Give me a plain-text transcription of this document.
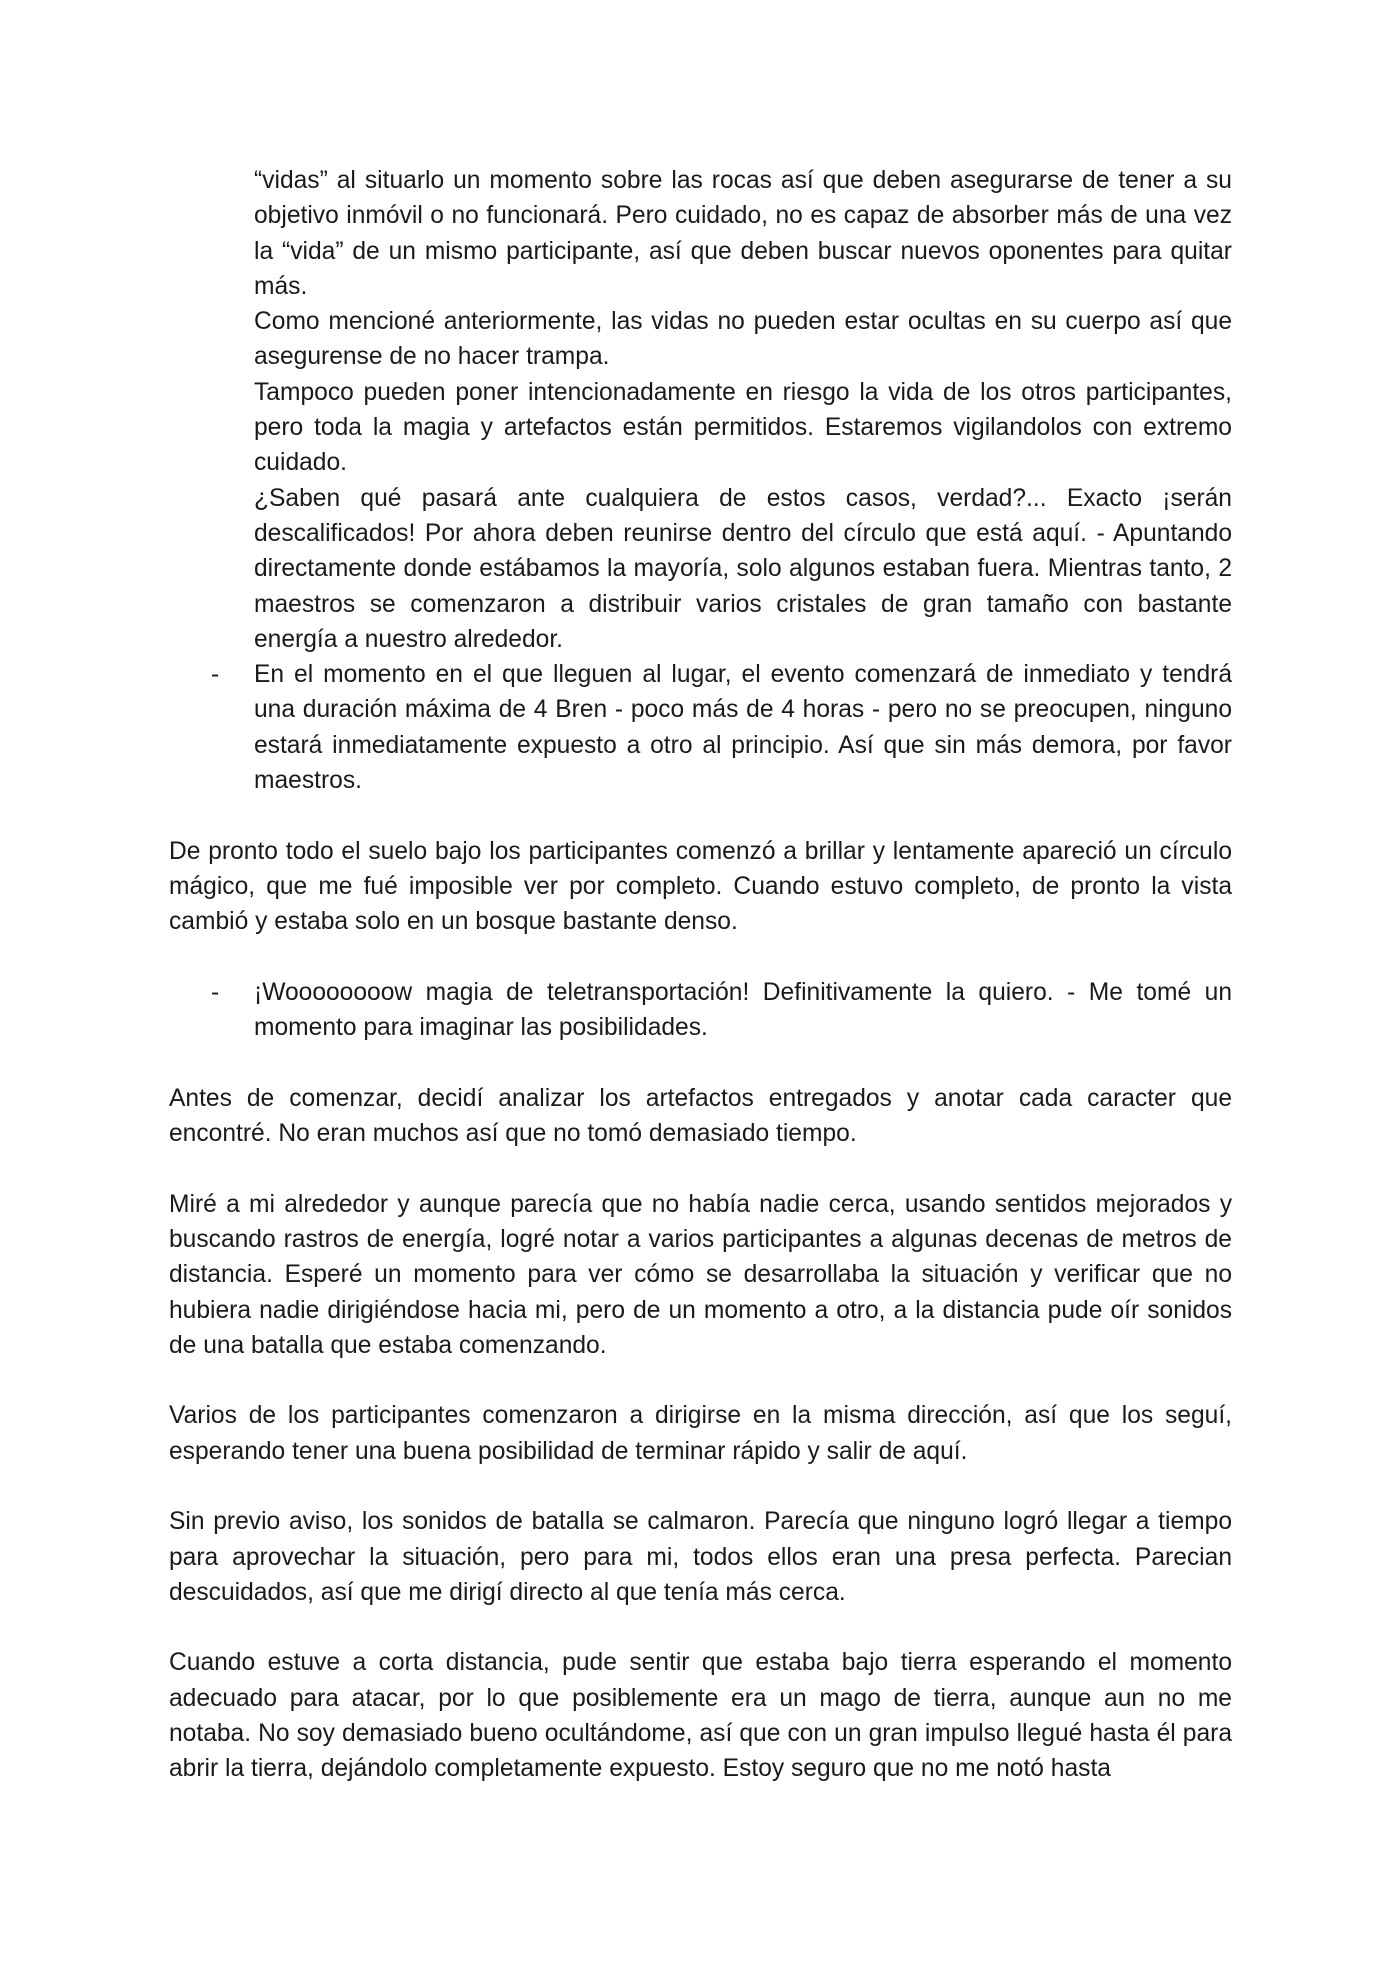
“vidas” al situarlo un momento sobre las rocas así que deben asegurarse de tener a su objetivo inmóvil o no funcionará. Pero cuidado, no es capaz de absorber más de una vez la “vida” de un mismo participante, así que deben buscar nuevos oponentes para quitar más.

Como mencioné anteriormente, las vidas no pueden estar ocultas en su cuerpo así que asegurense de no hacer trampa.

Tampoco pueden poner intencionadamente en riesgo la vida de los otros participantes, pero toda la magia y artefactos están permitidos. Estaremos vigilandolos con extremo cuidado.

¿Saben qué pasará ante cualquiera de estos casos, verdad?... Exacto ¡serán descalificados! Por ahora deben reunirse dentro del círculo que está aquí. - Apuntando directamente donde estábamos la mayoría, solo algunos estaban fuera. Mientras tanto, 2 maestros se comenzaron a distribuir varios cristales de gran tamaño con bastante energía a nuestro alrededor.

- En el momento en el que lleguen al lugar, el evento comenzará de inmediato y tendrá una duración máxima de 4 Bren - poco más de 4 horas - pero no se preocupen, ninguno estará inmediatamente expuesto a otro al principio. Así que sin más demora, por favor maestros.

De pronto todo el suelo bajo los participantes comenzó a brillar y lentamente apareció un círculo mágico, que me fué imposible ver por completo. Cuando estuvo completo, de pronto la vista cambió y estaba solo en un bosque bastante denso.

- ¡Woooooooow magia de teletransportación! Definitivamente la quiero. - Me tomé un momento para imaginar las posibilidades.

Antes de comenzar, decidí analizar los artefactos entregados y anotar cada caracter que encontré. No eran muchos así que no tomó demasiado tiempo.

Miré a mi alrededor y aunque parecía que no había nadie cerca, usando sentidos mejorados y buscando rastros de energía, logré notar a varios participantes a algunas decenas de metros de distancia. Esperé un momento para ver cómo se desarrollaba la situación y verificar que no hubiera nadie dirigiéndose hacia mi, pero de un momento a otro, a la distancia pude oír sonidos de una batalla que estaba comenzando.

Varios de los participantes comenzaron a dirigirse en la misma dirección, así que los seguí, esperando tener una buena posibilidad de terminar rápido y salir de aquí.

Sin previo aviso, los sonidos de batalla se calmaron. Parecía que ninguno logró llegar a tiempo para aprovechar la situación, pero para mi, todos ellos eran una presa perfecta. Parecian descuidados, así que me dirigí directo al que tenía más cerca.

Cuando estuve a corta distancia, pude sentir que estaba bajo tierra esperando el momento adecuado para atacar, por lo que posiblemente era un mago de tierra, aunque aun no me notaba. No soy demasiado bueno ocultándome, así que con un gran impulso llegué hasta él para abrir la tierra, dejándolo completamente expuesto. Estoy seguro que no me notó hasta
